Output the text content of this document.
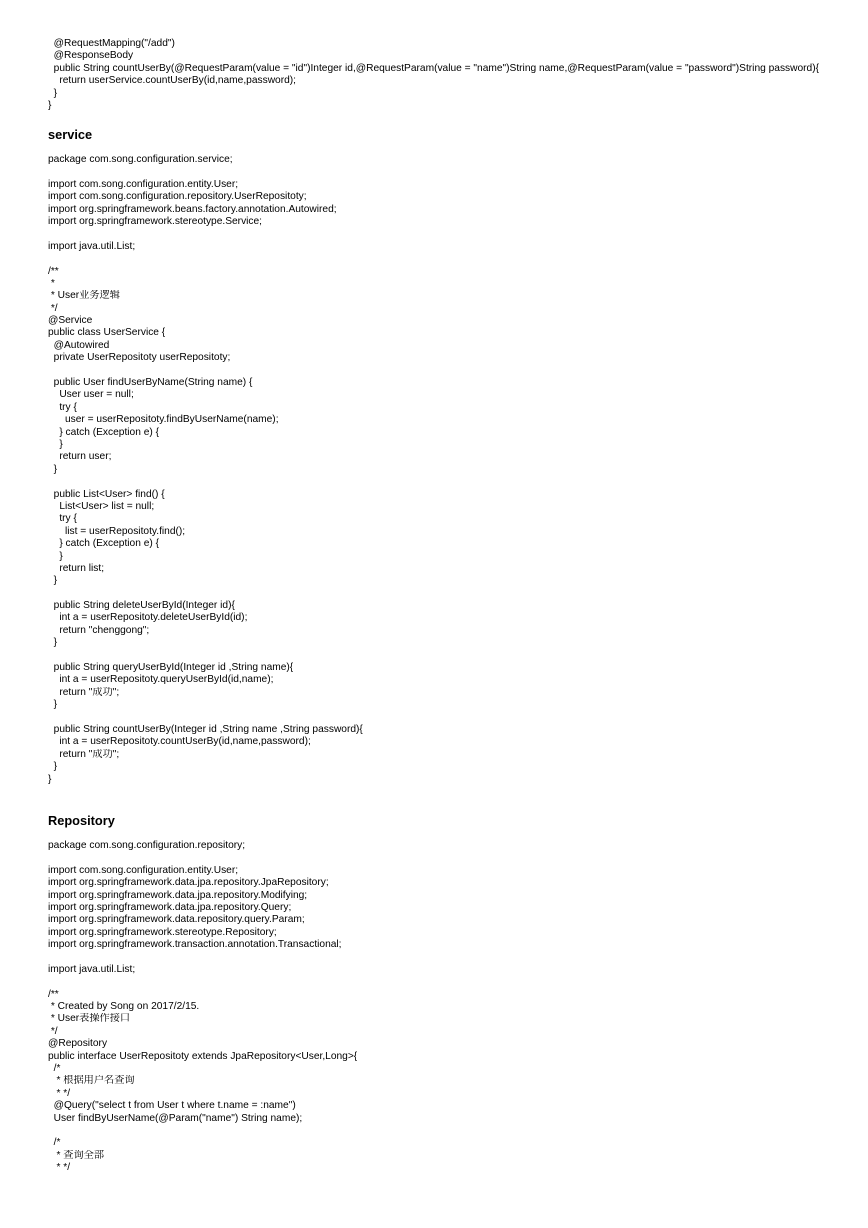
@RequestMapping("/add")
@ResponseBody
public String countUserBy(@RequestParam(value = "id")Integer id,@RequestParam(value = "name")String name,@RequestParam(value = "password")String password){
return userService.countUserBy(id,name,password);
}
}
service
package com.song.configuration.service;
import com.song.configuration.entity.User;
import com.song.configuration.repository.UserRepositoty;
import org.springframework.beans.factory.annotation.Autowired;
import org.springframework.stereotype.Service;
import java.util.List;
/**
*
* User业务逻辑
*/
@Service
public class UserService {
@Autowired
private UserRepositoty userRepositoty;
public User findUserByName(String name) {
User user = null;
try {
user = userRepositoty.findByUserName(name);
} catch (Exception e) {
}
return user;
}
public List<User> find() {
List<User> list = null;
try {
list = userRepositoty.find();
} catch (Exception e) {
}
return list;
}
public String deleteUserById(Integer id){
int a = userRepositoty.deleteUserById(id);
return "chenggong";
}
public String queryUserById(Integer id ,String name){
int a = userRepositoty.queryUserById(id,name);
return "成功";
}
public String countUserBy(Integer id ,String name ,String password){
int a = userRepositoty.countUserBy(id,name,password);
return "成功";
}
}
Repository
package com.song.configuration.repository;
import com.song.configuration.entity.User;
import org.springframework.data.jpa.repository.JpaRepository;
import org.springframework.data.jpa.repository.Modifying;
import org.springframework.data.jpa.repository.Query;
import org.springframework.data.repository.query.Param;
import org.springframework.stereotype.Repository;
import org.springframework.transaction.annotation.Transactional;
import java.util.List;
/**
* Created by Song on 2017/2/15.
* User表操作接口
*/
@Repository
public interface UserRepositoty extends JpaRepository<User,Long>{
/*
* 根据用户名查询
* */
@Query("select t from User t where t.name = :name")
User findByUserName(@Param("name") String name);
/*
* 查询全部
* */
